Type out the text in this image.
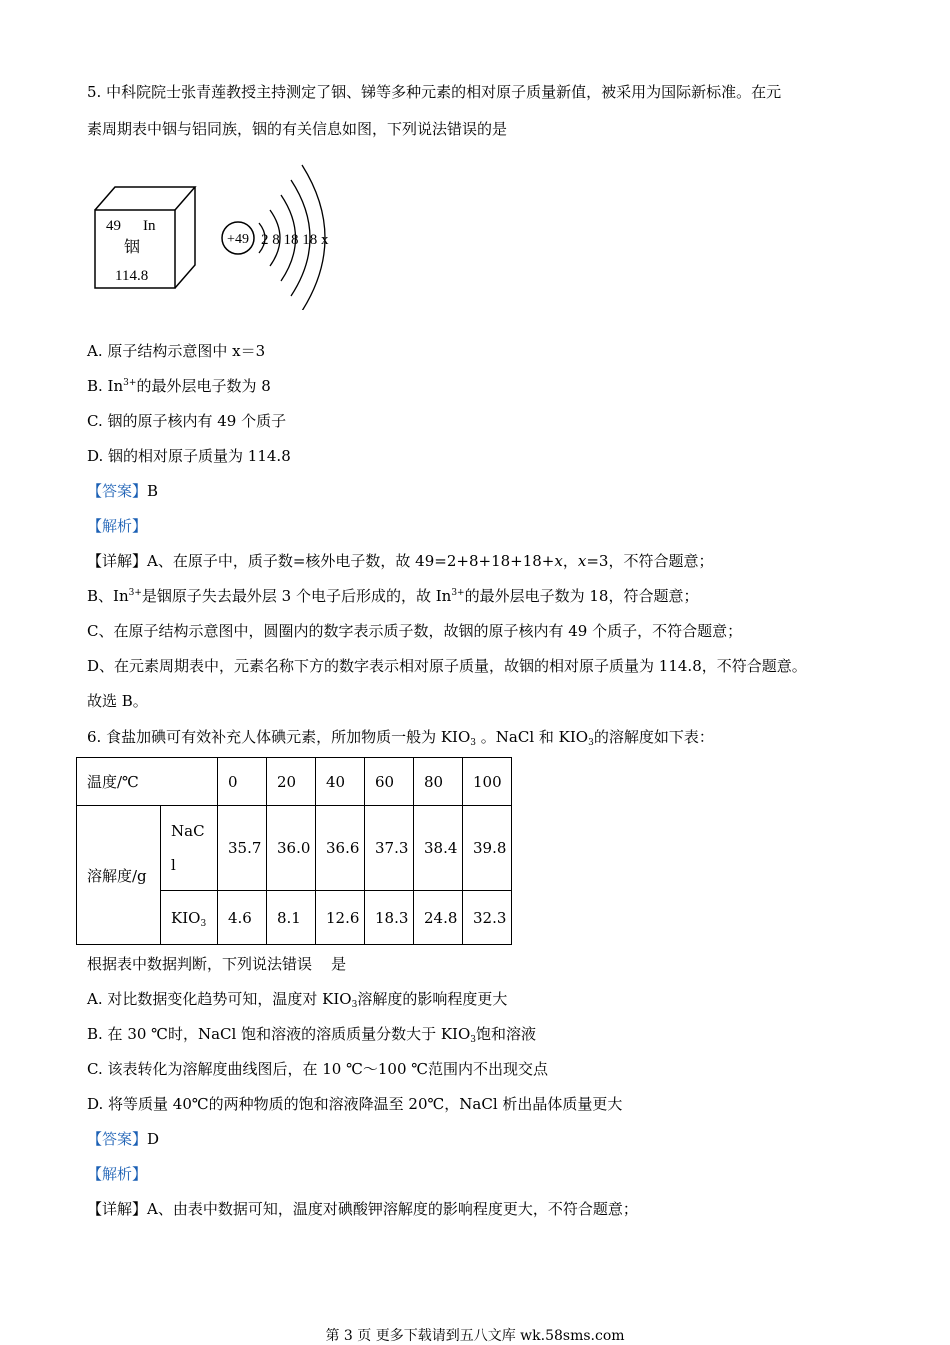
5. 中科院院士张青莲教授主持测定了铟、锑等多种元素的相对原子质量新值，被采用为国际新标准。在元
素周期表中铟与铝同族，铟的有关信息如图，下列说法错误的是
49 In
铟
114.8
+49 2 8 18 18 x
A. 原子结构示意图中 x＝3
B. $In^{3+}$的最外层电子数为 8
C. 铟的原子核内有 49 个质子
D. 铟的相对原子质量为 114.8
【答案】B
【解析】
【详解】A、在原子中，质子数=核外电子数，故 49=2+8+18+18+x，x=3，不符合题意；
B、$In^{3+}$是铟原子失去最外层 3 个电子后形成的，故 $In^{3+}$的最外层电子数为 18，符合题意；
C、在原子结构示意图中，圆圈内的数字表示质子数，故铟的原子核内有 49 个质子，不符合题意；
D、在元素周期表中，元素名称下方的数字表示相对原子质量，故铟的相对原子质量为 114.8，不符合题意。
故选 B。
6. 食盐加碘可有效补充人体碘元素，所加物质一般为 $KIO_3$ 。NaCl 和 $KIO_3$的溶解度如下表：
温度/℃		0	20	40	60	80	100
溶解度/g	NaC
l	35.7	36.0	36.6	37.3	38.4	39.8
	$KIO_3$	4.6	8.1	12.6	18.3	24.8	32.3
根据表中数据判断，下列说法错误    是
A. 对比数据变化趋势可知，温度对 $KIO_3$溶解度的影响程度更大
B. 在 30 ℃时，NaCl 饱和溶液的溶质质量分数大于 $KIO_3$饱和溶液
C. 该表转化为溶解度曲线图后，在 10 ℃～100 ℃范围内不出现交点
D. 将等质量 40℃的两种物质的饱和溶液降温至 20℃，NaCl 析出晶体质量更大
【答案】D
【解析】
【详解】A、由表中数据可知，温度对碘酸钾溶解度的影响程度更大，不符合题意；
第 3 页 更多下载请到五八文库 wk.58sms.com
